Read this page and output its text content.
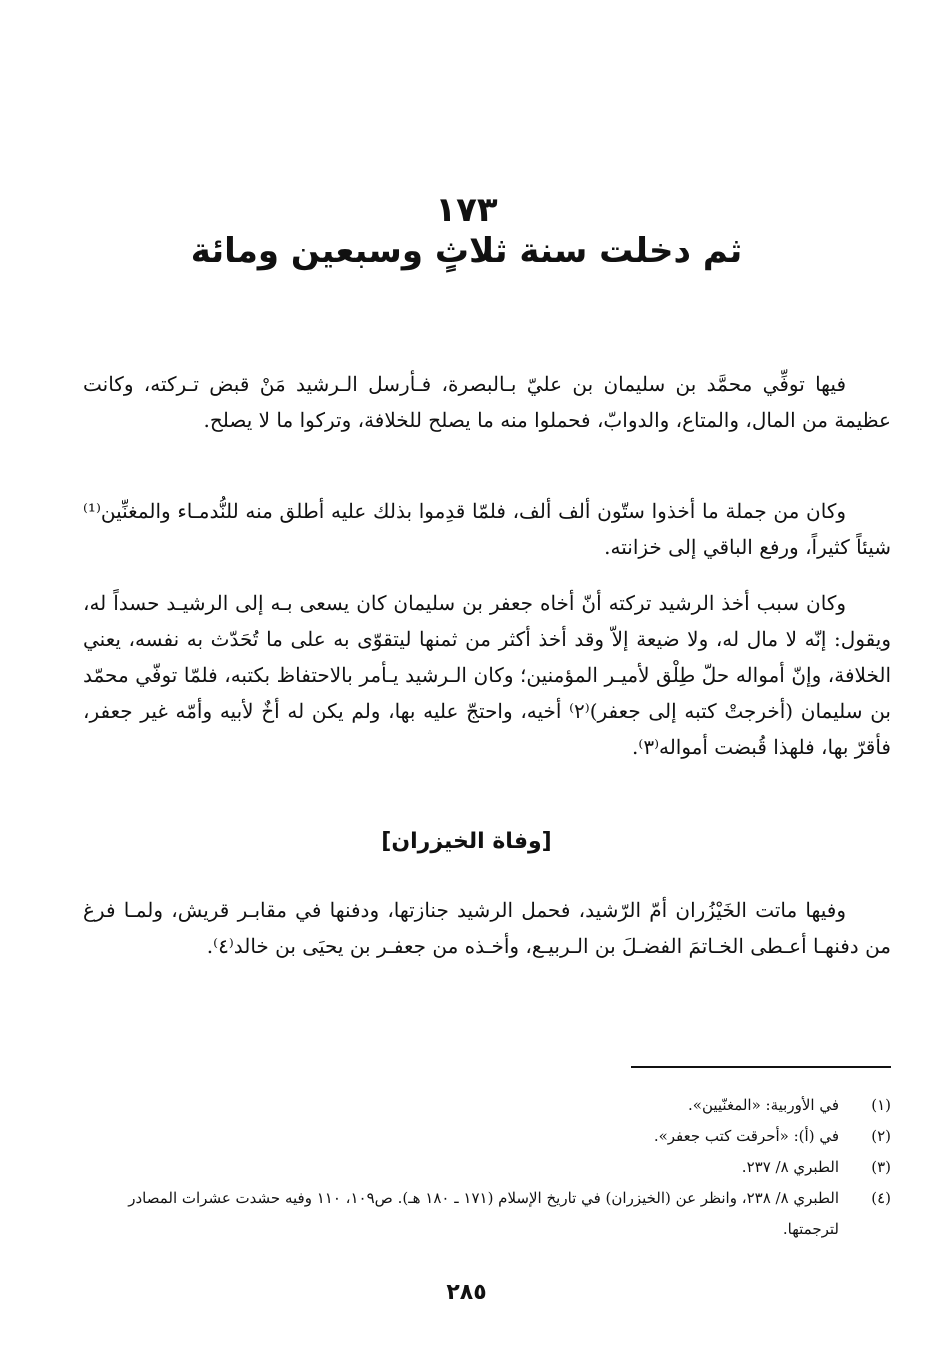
١٧٣
ثم دخلت سنة ثلاثٍ وسبعين ومائة

فيها توفِّي محمَّد بن سليمان بن عليّ بـالبصرة، فـأرسل الـرشيد مَنْ قبض تـركته، وكانت عظيمة من المال، والمتاع، والدوابّ، فحملوا منه ما يصلح للخلافة، وتركوا ما لا يصلح.

وكان من جملة ما أخذوا ستّون ألف ألف، فلمّا قدِموا بذلك عليه أطلق منه للنُّدمـاء والمغنِّين⁽¹⁾ شيئاً كثيراً، ورفع الباقي إلى خزانته.

وكان سبب أخذ الرشيد تركته أنّ أخاه جعفر بن سليمان كان يسعى بـه إلى الرشيـد حسداً له، ويقول: إنّه لا مال له، ولا ضيعة إلاّ وقد أخذ أكثر من ثمنها ليتقوّى به على ما تُحَدّث به نفسه، يعني الخلافة، وإنّ أمواله حلّ طِلْق لأميـر المؤمنين؛ وكان الـرشيد يـأمر بالاحتفاظ بكتبه، فلمّا توفّي محمّد بن سليمان (أخرجتْ كتبه إلى جعفر)⁽٢⁾ أخيه، واحتجّ عليه بها، ولم يكن له أخٌ لأبيه وأمّه غير جعفر، فأقرّ بها، فلهذا قُبضت أمواله⁽٣⁾.

[وفاة الخيزران]

وفيها ماتت الخَيْزُران أمّ الرّشيد، فحمل الرشيد جنازتها، ودفنها في مقابـر قريش، ولمـا فرغ من دفنهـا أعـطى الخـاتمَ الفضـلَ بن الـربيـع، وأخـذه من جعفـر بن يحيَى بن خالد⁽٤⁾.

(١)
في الأوربية: «المغنّيين».
(٢)
في (أ): «أحرقت كتب جعفر».
(٣)
الطبري ٨/ ٢٣٧.
(٤)
الطبري ٨/ ٢٣٨، وانظر عن (الخيزران) في تاريخ الإسلام (١٧١ ـ ١٨٠ هـ). ص١٠٩، ١١٠ وفيه حشدت عشرات المصادر لترجمتها.
٢٨٥
